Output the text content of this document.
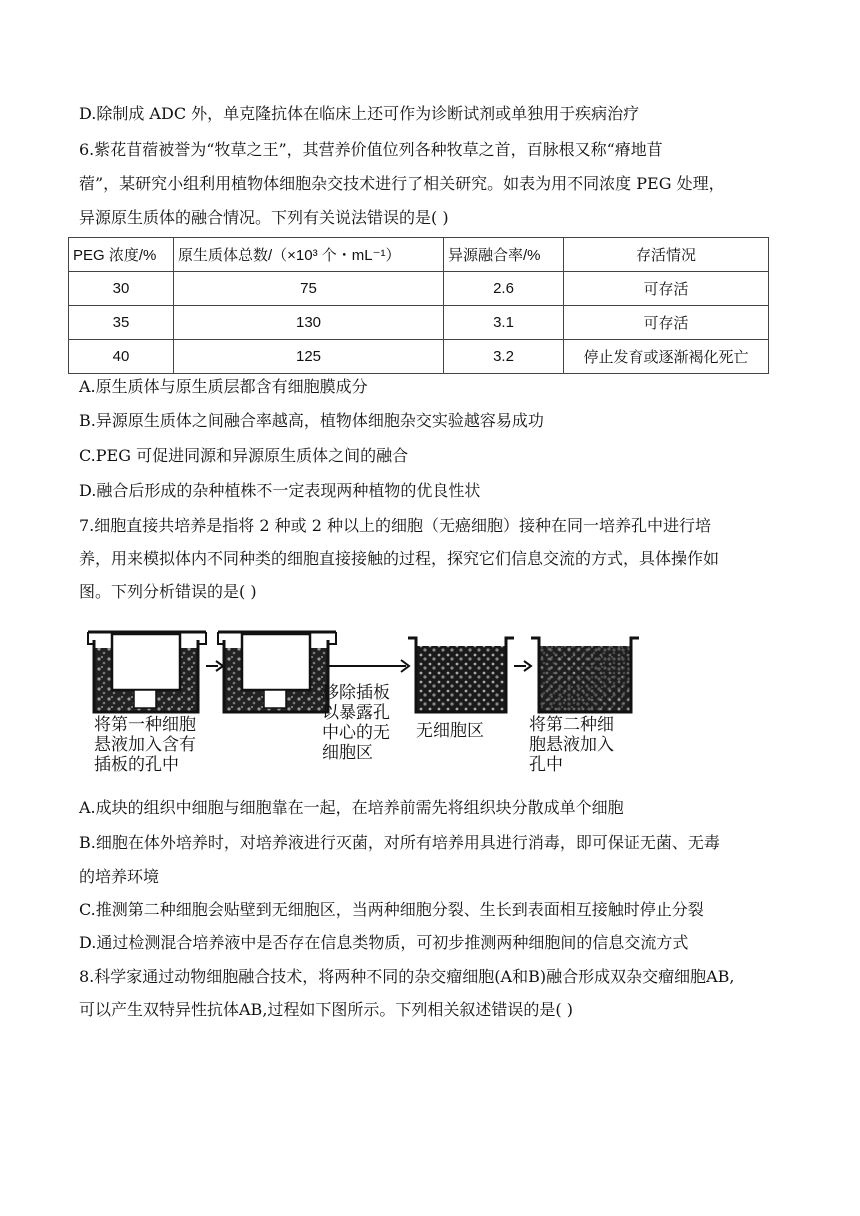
D.除制成 ADC 外，单克隆抗体在临床上还可作为诊断试剂或单独用于疾病治疗
6.紫花苜蓿被誉为“牧草之王”，其营养价值位列各种牧草之首，百脉根又称“瘠地苜
蓿”，某研究小组利用植物体细胞杂交技术进行了相关研究。如表为用不同浓度 PEG 处理，
异源原生质体的融合情况。下列有关说法错误的是( )
PEG 浓度/%	原生质体总数/（×10³ 个・mL⁻¹）	异源融合率/%	存活情况
30	75	2.6	可存活
35	130	3.1	可存活
40	125	3.2	停止发育或逐渐褐化死亡
A.原生质体与原生质层都含有细胞膜成分
B.异源原生质体之间融合率越高，植物体细胞杂交实验越容易成功
C.PEG 可促进同源和异源原生质体之间的融合
D.融合后形成的杂种植株不一定表现两种植物的优良性状
7.细胞直接共培养是指将 2 种或 2 种以上的细胞（无癌细胞）接种在同一培养孔中进行培
养，用来模拟体内不同种类的细胞直接接触的过程，探究它们信息交流的方式，具体操作如
图。下列分析错误的是( )
将第一种细胞
悬液加入含有
插板的孔中
移除插板
以暴露孔
中心的无
细胞区
无细胞区	将第二种细
胞悬液加入
孔中
A.成块的组织中细胞与细胞靠在一起，在培养前需先将组织块分散成单个细胞
B.细胞在体外培养时，对培养液进行灭菌，对所有培养用具进行消毒，即可保证无菌、无毒
的培养环境
C.推测第二种细胞会贴壁到无细胞区，当两种细胞分裂、生长到表面相互接触时停止分裂
D.通过检测混合培养液中是否存在信息类物质，可初步推测两种细胞间的信息交流方式
8.科学家通过动物细胞融合技术，将两种不同的杂交瘤细胞(A和B)融合形成双杂交瘤细胞AB,
可以产生双特异性抗体AB,过程如下图所示。下列相关叙述错误的是( )
